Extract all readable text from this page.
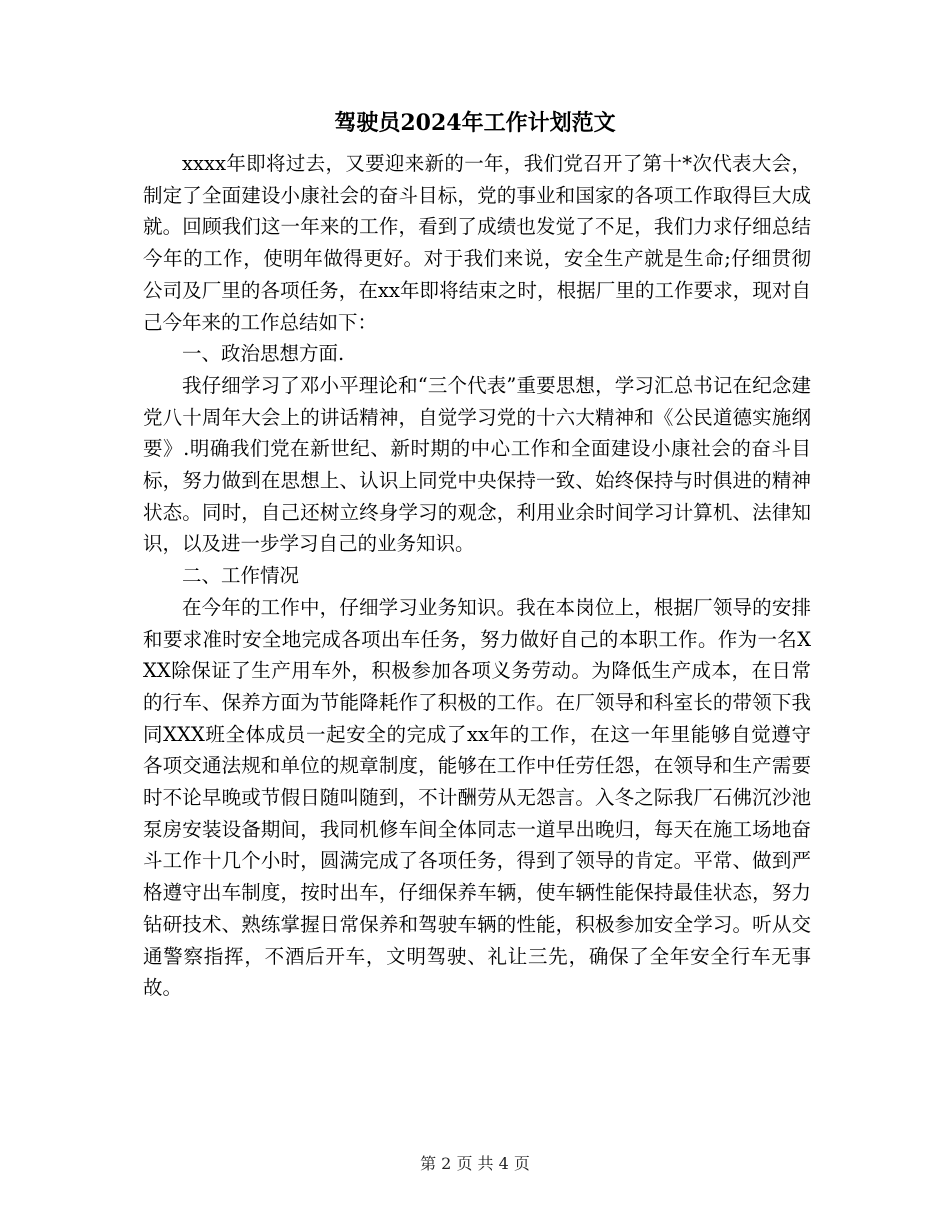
驾驶员2024年工作计划范文

xxxx年即将过去，又要迎来新的一年，我们党召开了第十*次代表大会，制定了全面建设小康社会的奋斗目标，党的事业和国家的各项工作取得巨大成就。回顾我们这一年来的工作，看到了成绩也发觉了不足，我们力求仔细总结今年的工作，使明年做得更好。对于我们来说，安全生产就是生命;仔细贯彻公司及厂里的各项任务，在xx年即将结束之时，根据厂里的工作要求，现对自己今年来的工作总结如下：

一、政治思想方面.

我仔细学习了邓小平理论和“三个代表”重要思想，学习汇总书记在纪念建党八十周年大会上的讲话精神，自觉学习党的十六大精神和《公民道德实施纲要》.明确我们党在新世纪、新时期的中心工作和全面建设小康社会的奋斗目标，努力做到在思想上、认识上同党中央保持一致、始终保持与时俱进的精神状态。同时，自己还树立终身学习的观念，利用业余时间学习计算机、法律知识，以及进一步学习自己的业务知识。

二、工作情况

在今年的工作中，仔细学习业务知识。我在本岗位上，根据厂领导的安排和要求准时安全地完成各项出车任务，努力做好自己的本职工作。作为一名XXX除保证了生产用车外，积极参加各项义务劳动。为降低生产成本，在日常的行车、保养方面为节能降耗作了积极的工作。在厂领导和科室长的带领下我同XXX班全体成员一起安全的完成了xx年的工作，在这一年里能够自觉遵守各项交通法规和单位的规章制度，能够在工作中任劳任怨，在领导和生产需要时不论早晚或节假日随叫随到，不计酬劳从无怨言。入冬之际我厂石佛沉沙池泵房安装设备期间，我同机修车间全体同志一道早出晚归，每天在施工场地奋斗工作十几个小时，圆满完成了各项任务，得到了领导的肯定。平常、做到严格遵守出车制度，按时出车，仔细保养车辆，使车辆性能保持最佳状态，努力钻研技术、熟练掌握日常保养和驾驶车辆的性能，积极参加安全学习。听从交通警察指挥，不酒后开车，文明驾驶、礼让三先，确保了全年安全行车无事故。

第 2 页 共 4 页
